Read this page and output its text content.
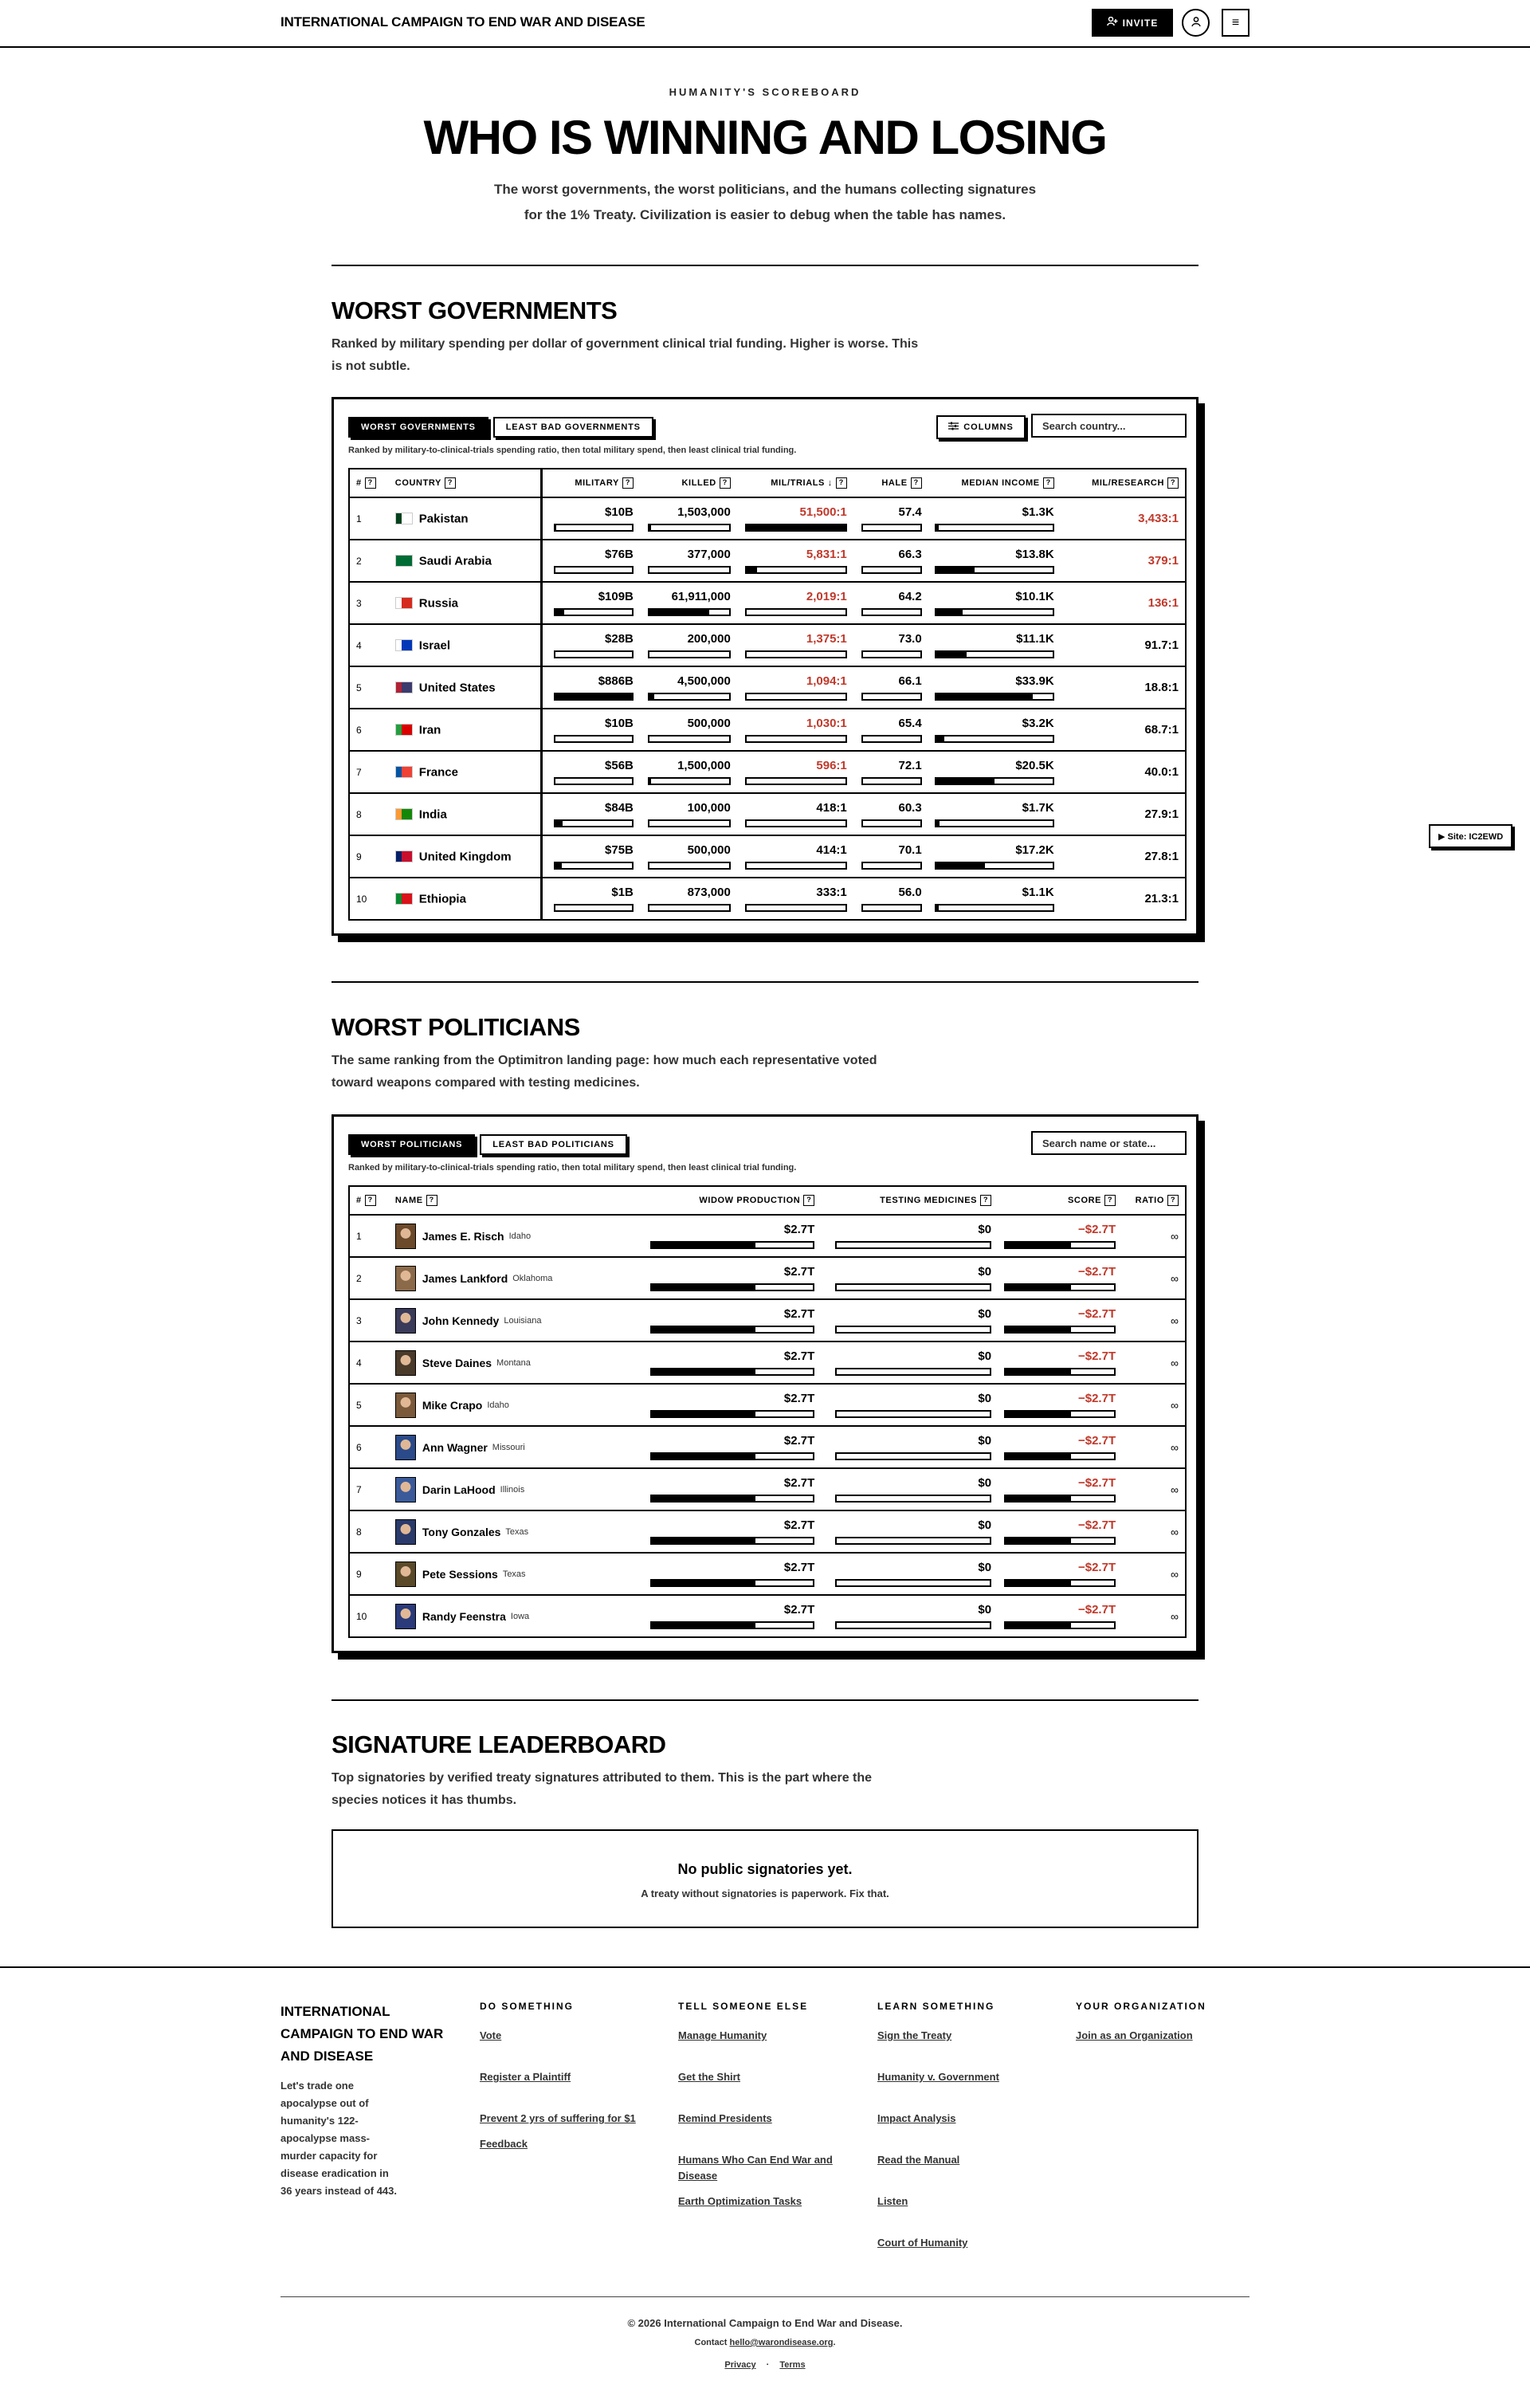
INTERNATIONAL CAMPAIGN TO END WAR AND DISEASE	INVITE	≡
HUMANITY'S SCOREBOARD
WHO IS WINNING AND LOSING
The worst governments, the worst politicians, and the humans collecting signatures
for the 1% Treaty. Civilization is easier to debug when the table has names.
WORST GOVERNMENTS
Ranked by military spending per dollar of government clinical trial funding. Higher is worse. This
is not subtle.
WORST GOVERNMENTS	LEAST BAD GOVERNMENTS	COLUMNS
Search country...
Ranked by military-to-clinical-trials spending ratio, then total military spend, then least clinical trial funding.
# ?	COUNTRY ?	MILITARY ?	KILLED ?	MIL/TRIALS ↓ ?	HALE ?	MEDIAN INCOME ?	MIL/RESEARCH ?
1	Pakistan	$10B	1,503,000	51,500:1	57.4	$1.3K	3,433:1
2	Saudi Arabia	$76B	377,000	5,831:1	66.3	$13.8K	379:1
3	Russia	$109B	61,911,000	2,019:1	64.2	$10.1K	136:1
4	Israel	$28B	200,000	1,375:1	73.0	$11.1K	91.7:1
5	United States	$886B	4,500,000	1,094:1	66.1	$33.9K	18.8:1
6	Iran	$10B	500,000	1,030:1	65.4	$3.2K	68.7:1
7	France	$56B	1,500,000	596:1	72.1	$20.5K	40.0:1
8	India	$84B	100,000	418:1	60.3	$1.7K	27.9:1
9	United Kingdom	$75B	500,000	414:1	70.1	$17.2K	27.8:1
10	Ethiopia	$1B	873,000	333:1	56.0	$1.1K	21.3:1
WORST POLITICIANS
The same ranking from the Optimitron landing page: how much each representative voted
toward weapons compared with testing medicines.
WORST POLITICIANS	LEAST BAD POLITICIANS
Search name or state...
Ranked by military-to-clinical-trials spending ratio, then total military spend, then least clinical trial funding.
# ?	NAME ?	WIDOW PRODUCTION ?	TESTING MEDICINES ?	SCORE ?	RATIO ?
1	James E. Risch Idaho	$2.7T	$0	−$2.7T	∞
2	James Lankford Oklahoma	$2.7T	$0	−$2.7T	∞
3	John Kennedy Louisiana	$2.7T	$0	−$2.7T	∞
4	Steve Daines Montana	$2.7T	$0	−$2.7T	∞
5	Mike Crapo Idaho	$2.7T	$0	−$2.7T	∞
6	Ann Wagner Missouri	$2.7T	$0	−$2.7T	∞
7	Darin LaHood Illinois	$2.7T	$0	−$2.7T	∞
8	Tony Gonzales Texas	$2.7T	$0	−$2.7T	∞
9	Pete Sessions Texas	$2.7T	$0	−$2.7T	∞
10	Randy Feenstra Iowa	$2.7T	$0	−$2.7T	∞
SIGNATURE LEADERBOARD
Top signatories by verified treaty signatures attributed to them. This is the part where the
species notices it has thumbs.
No public signatories yet.
A treaty without signatories is paperwork. Fix that.
▶ Site: IC2EWD
INTERNATIONAL CAMPAIGN TO END WAR AND DISEASE
Let's trade one apocalypse out of humanity's 122-apocalypse mass-murder capacity for disease eradication in 36 years instead of 443.
DO SOMETHING
Vote
Register a Plaintiff
Prevent 2 yrs of suffering for $1
Feedback
TELL SOMEONE ELSE
Manage Humanity
Get the Shirt
Remind Presidents
Humans Who Can End War and Disease
Earth Optimization Tasks
LEARN SOMETHING
Sign the Treaty
Humanity v. Government
Impact Analysis
Read the Manual
Listen
Court of Humanity
YOUR ORGANIZATION
Join as an Organization
© 2026 International Campaign to End War and Disease.
Contact hello@warondisease.org.
Privacy · Terms
